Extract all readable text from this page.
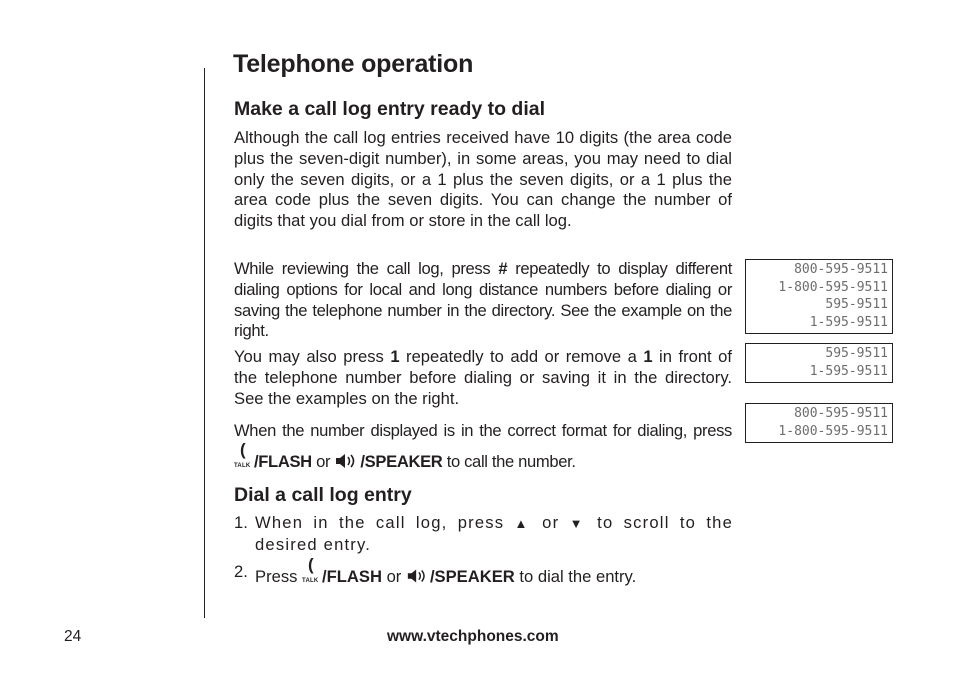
Telephone operation
Make a call log entry ready to dial

Although the call log entries received have 10 digits (the area code plus the seven-digit number), in some areas, you may need to dial only the seven digits, or a 1 plus the seven digits, or a 1 plus the area code plus the seven digits. You can change the number of digits that you dial from or store in the call log.

While reviewing the call log, press # repeatedly to display different dialing options for local and long distance numbers before dialing or saving the telephone number in the directory. See the example on the right.

You may also press 1 repeatedly to add or remove a 1 in front of the telephone number before dialing or saving it in the directory. See the examples on the right.

When the number displayed is in the correct format for dialing, press
(
TALK /FLASH or /SPEAKER to call the number.

Dial a call log entry
1. When in the call log, press ▲ or ▼ to scroll to the desired entry.
2. Press
(
TALK /FLASH or /SPEAKER to dial the entry.
800-595-9511
1-800-595-9511
595-9511
1-595-9511
595-9511
1-595-9511
800-595-9511
1-800-595-9511
24	www.vtechphones.com
